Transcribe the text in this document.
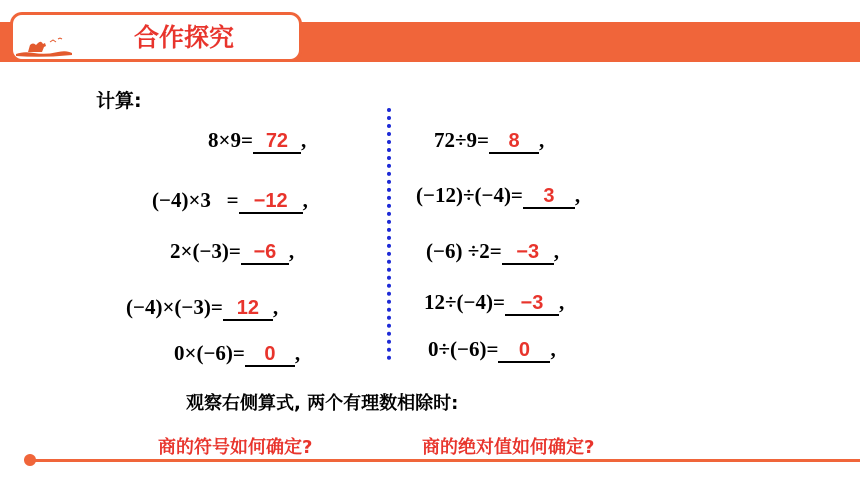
合作探究
计算:
8×9= 72 ,
(−4)×3   = −12 ,
2×(−3)= −6 ,
(−4)×(−3)= 12 ,
0×(−6)= 0 ,
72÷9= 8 ,
(−12)÷(−4)= 3 ,
(−6) ÷2= −3 ,
12÷(−4)= −3 ,
0÷(−6)= 0 ,
观察右侧算式, 两个有理数相除时:
商的符号如何确定?	商的绝对值如何确定?
